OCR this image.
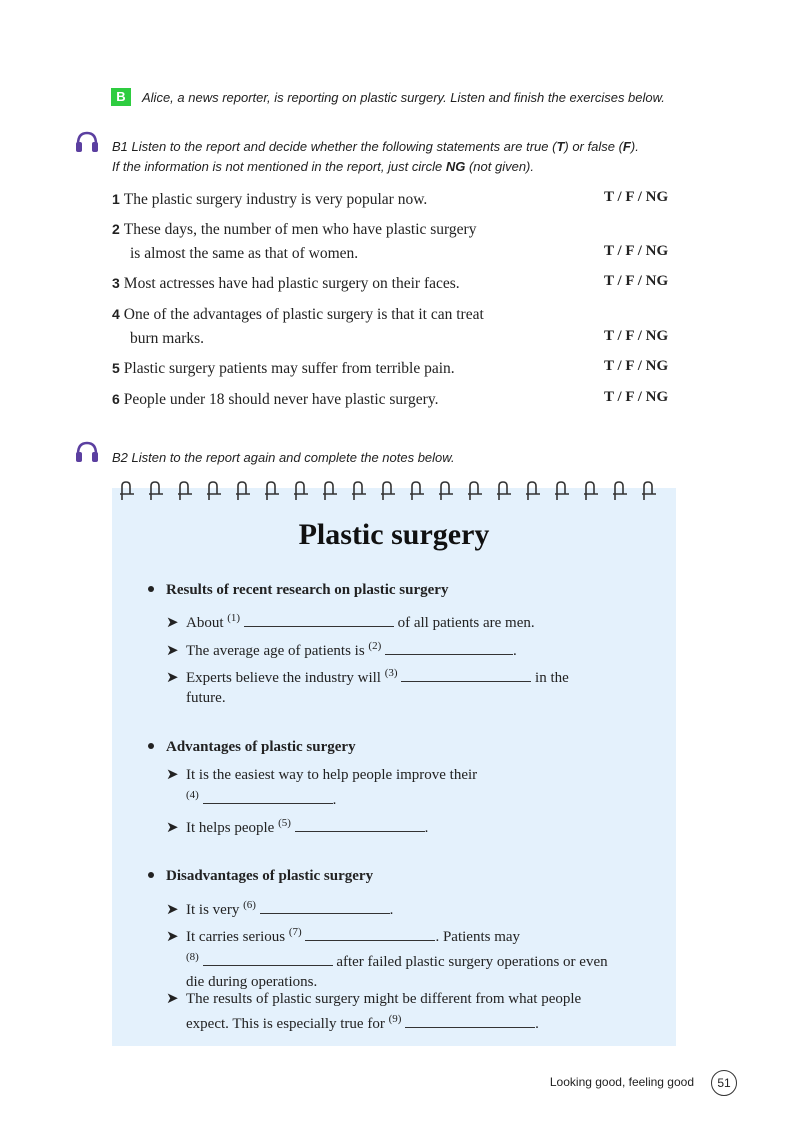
Alice, a news reporter, is reporting on plastic surgery. Listen and finish the exercises below.
B
B1 Listen to the report and decide whether the following statements are true (T) or false (F).
If the information is not mentioned in the report, just circle NG (not given).
1 The plastic surgery industry is very popular now.	T / F / NG
2 These days, the number of men who have plastic surgery
is almost the same as that of women.	T / F / NG
3 Most actresses have had plastic surgery on their faces.	T / F / NG
4 One of the advantages of plastic surgery is that it can treat
burn marks.	T / F / NG
5 Plastic surgery patients may suffer from terrible pain.	T / F / NG
6 People under 18 should never have plastic surgery.	T / F / NG
B2 Listen to the report again and complete the notes below.
Plastic surgery
Results of recent research on plastic surgery
➤ About $^{(1)}$	of all patients are men.
➤ The average age of patients is $^{(2)}$	.
➤ Experts believe the industry will $^{(3)}$	in the
future.
Advantages of plastic surgery
➤ It is the easiest way to help people improve their
$^{(4)}$	.
➤ It helps people $^{(5)}$	.
Disadvantages of plastic surgery
➤ It is very $^{(6)}$	.
➤ It carries serious $^{(7)}$	. Patients may
$^{(8)}$	after failed plastic surgery operations or even
die during operations.
➤ The results of plastic surgery might be different from what people
expect. This is especially true for $^{(9)}$	.
Looking good, feeling good	51
